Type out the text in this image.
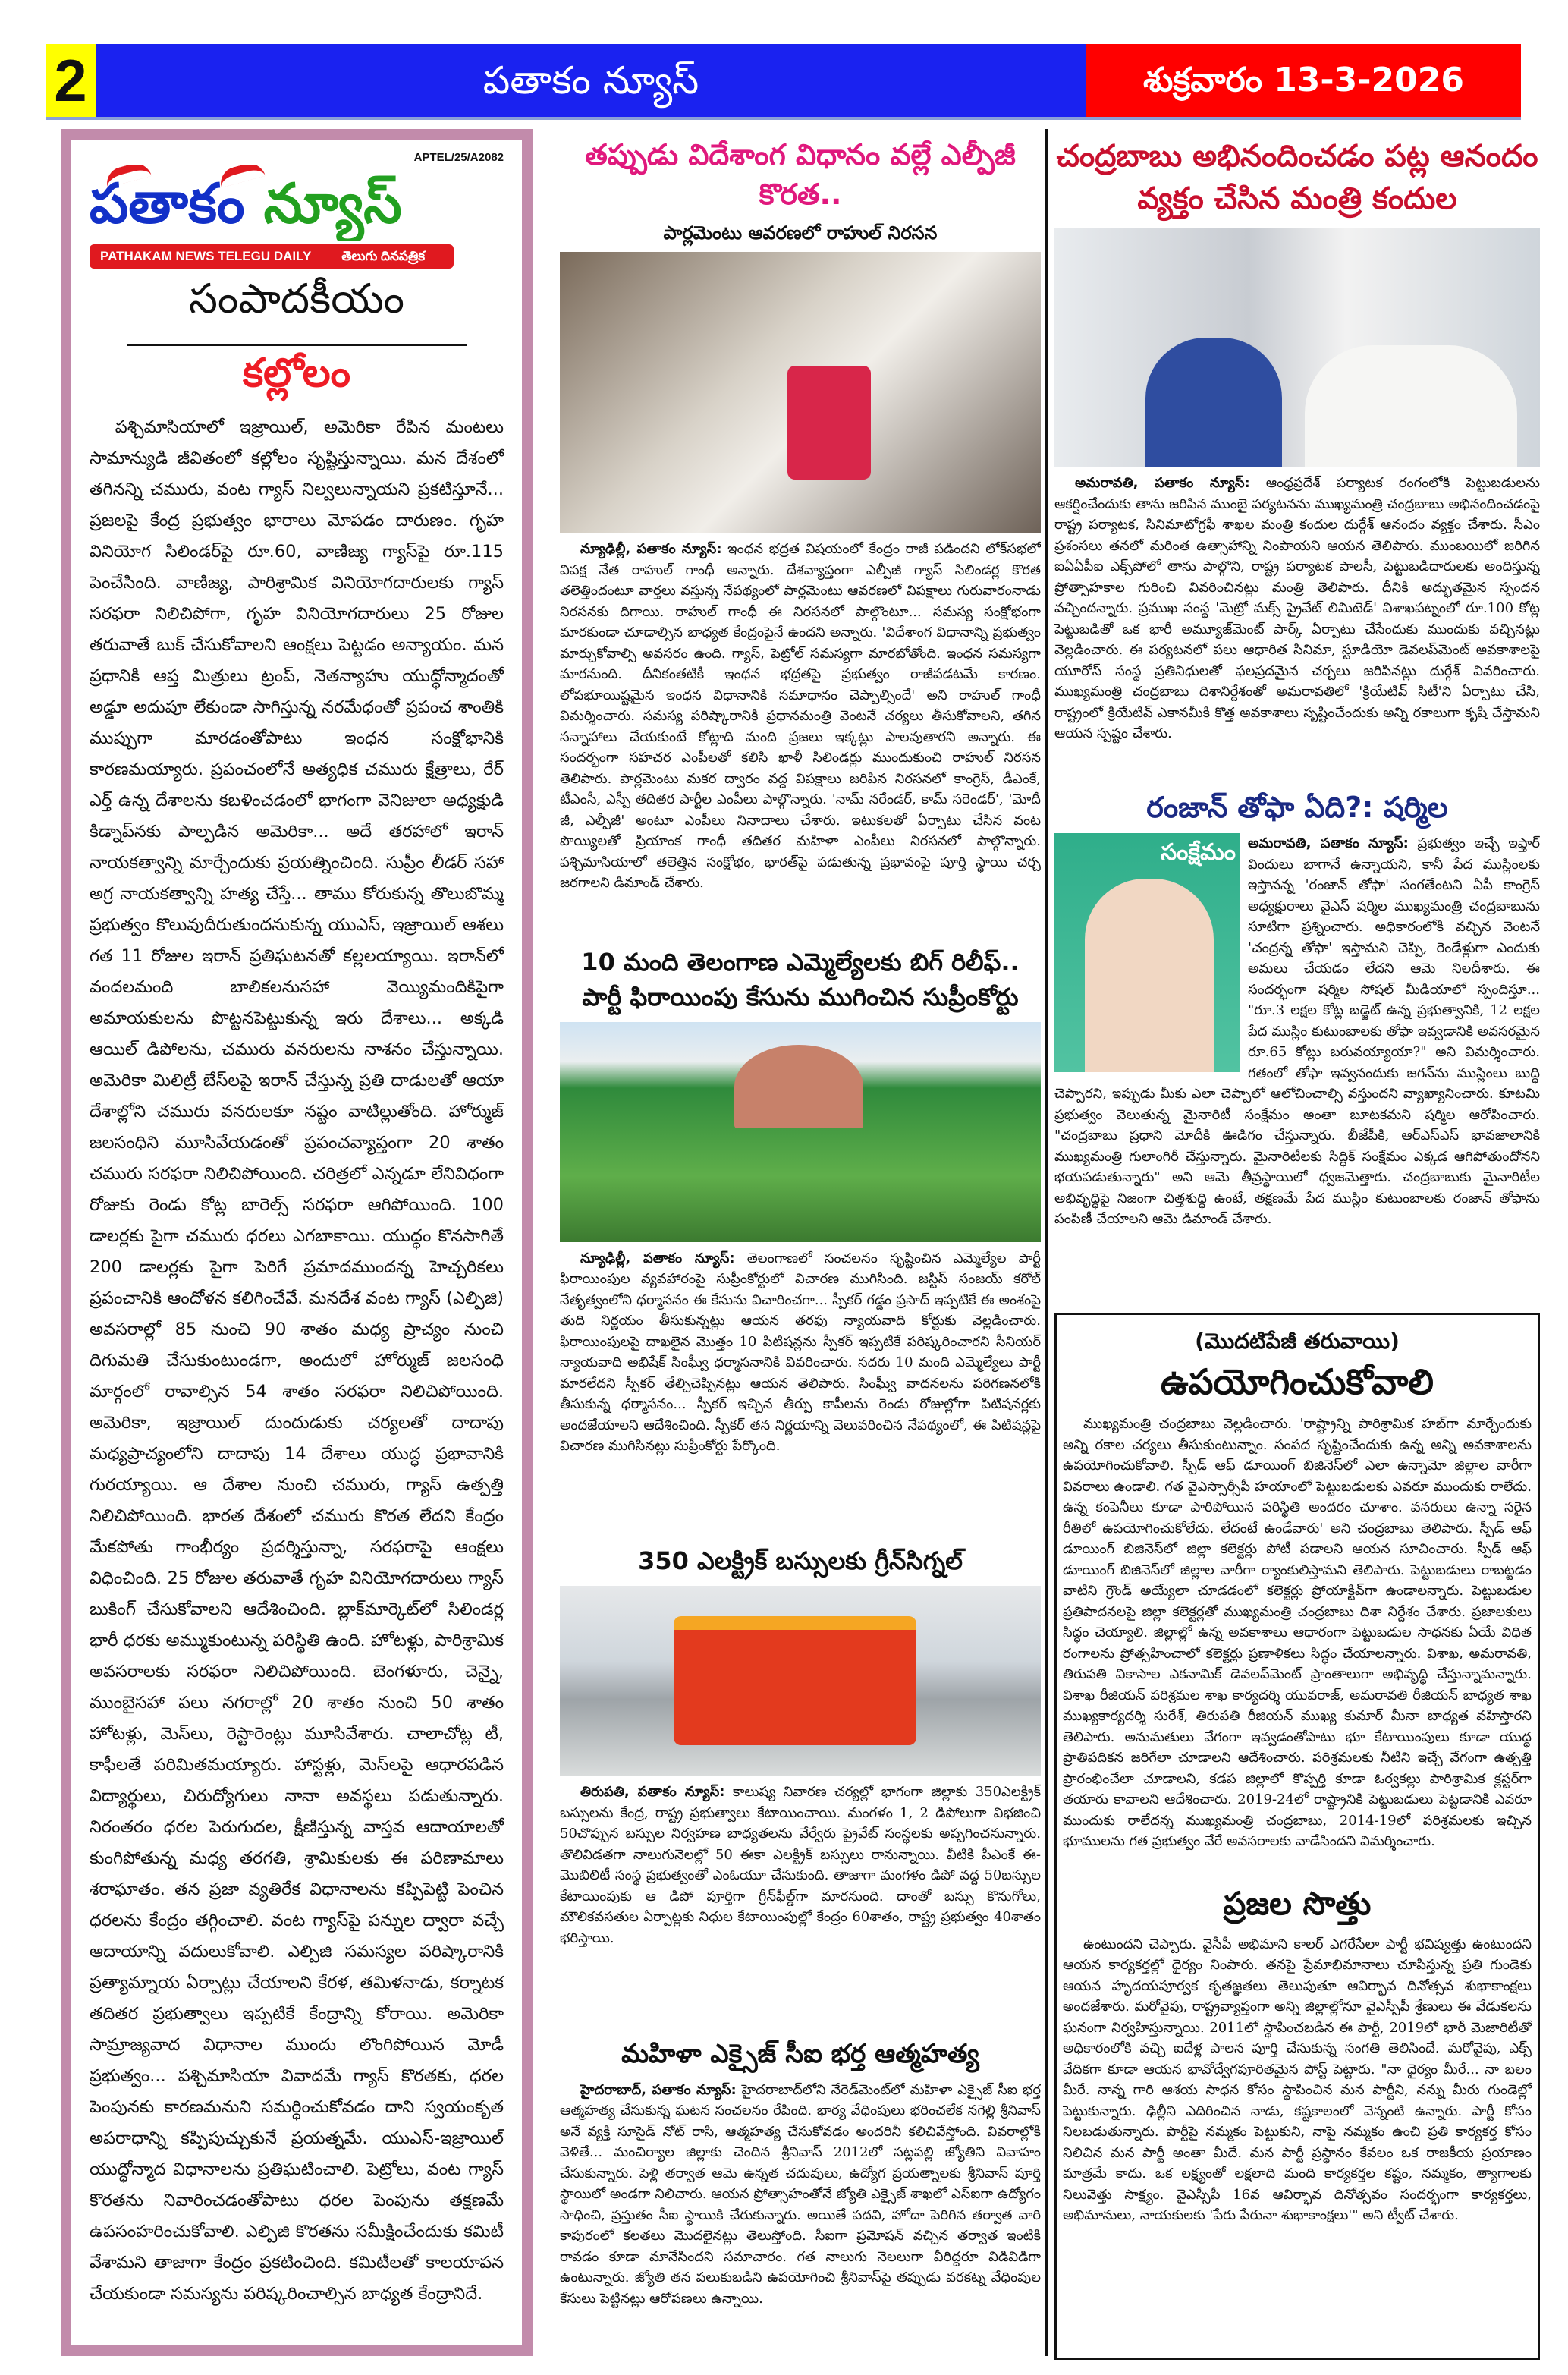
2	పతాకం న్యూస్	శుక్రవారం 13-3-2026
APTEL/25/A2082
పతాకం న్యూస్
PATHAKAM NEWS TELEGU DAILY తెలుగు దినపత్రిక
సంపాదకీయం
కల్లోలం

పశ్చిమాసియాలో ఇజ్రాయిల్, అమెరికా రేపిన మంటలు సామాన్యుడి జీవితంలో కల్లోలం సృష్టిస్తున్నాయి. మన దేశంలో తగినన్ని చమురు, వంట గ్యాస్ నిల్వలున్నాయని ప్రకటిస్తూనే... ప్రజలపై కేంద్ర ప్రభుత్వం భారాలు మోపడం దారుణం. గృహ వినియోగ సిలిండర్‌పై రూ.60, వాణిజ్య గ్యాస్‌పై రూ.115 పెంచేసింది. వాణిజ్య, పారిశ్రామిక వినియోగదారులకు గ్యాస్ సరఫరా నిలిచిపోగా, గృహ వినియోగదారులు 25 రోజుల తరువాతే బుక్ చేసుకోవాలని ఆంక్షలు పెట్టడం అన్యాయం. మన ప్రధానికి ఆప్త మిత్రులు ట్రంప్, నెతన్యాహు యుద్ధోన్మాదంతో అడ్డూ అదుపూ లేకుండా సాగిస్తున్న నరమేధంతో ప్రపంచ శాంతికి ముప్పుగా మారడంతోపాటు ఇంధన సంక్షోభానికి కారణమయ్యారు. ప్రపంచంలోనే అత్యధిక చమురు క్షేత్రాలు, రేర్ ఎర్త్ ఉన్న దేశాలను కబళించడంలో భాగంగా వెనిజులా అధ్యక్షుడి కిడ్నాప్‌నకు పాల్పడిన అమెరికా... అదే తరహాలో ఇరాన్ నాయకత్వాన్ని మార్చేందుకు ప్రయత్నించింది. సుప్రీం లీడర్ సహా అగ్ర నాయకత్వాన్ని హత్య చేస్తే... తాము కోరుకున్న తొలుబొమ్మ ప్రభుత్వం కొలువుదీరుతుందనుకున్న యుఎస్, ఇజ్రాయిల్ ఆశలు గత 11 రోజుల ఇరాన్ ప్రతిఘటనతో కల్లలయ్యాయి. ఇరాన్‌లో వందలమంది బాలికలనుసహా వెయ్యిమందికిపైగా అమాయకులను పొట్టనపెట్టుకున్న ఇరు దేశాలు... అక్కడి ఆయిల్ డిపోలను, చమురు వనరులను నాశనం చేస్తున్నాయి. అమెరికా మిలిట్రీ బేస్‌లపై ఇరాన్ చేస్తున్న ప్రతి దాడులతో ఆయా దేశాల్లోని చమురు వనరులకూ నష్టం వాటిల్లుతోంది. హోర్ముజ్ జలసంధిని మూసివేయడంతో ప్రపంచవ్యాప్తంగా 20 శాతం చమురు సరఫరా నిలిచిపోయింది. చరిత్రలో ఎన్నడూ లేనివిధంగా రోజుకు రెండు కోట్ల బారెల్స్ సరఫరా ఆగిపోయింది. 100 డాలర్లకు పైగా చమురు ధరలు ఎగబాకాయి. యుద్ధం కొనసాగితే 200 డాలర్లకు పైగా పెరిగే ప్రమాదముందన్న హెచ్చరికలు ప్రపంచానికి ఆందోళన కలిగించేవే. మనదేశ వంట గ్యాస్ (ఎల్పిజి) అవసరాల్లో 85 నుంచి 90 శాతం మధ్య ప్రాచ్యం నుంచి దిగుమతి చేసుకుంటుండగా, అందులో హోర్ముజ్ జలసంధి మార్గంలో రావాల్సిన 54 శాతం సరఫరా నిలిచిపోయింది. అమెరికా, ఇజ్రాయిల్ దుందుడుకు చర్యలతో దాదాపు మధ్యప్రాచ్యంలోని దాదాపు 14 దేశాలు యుద్ధ ప్రభావానికి గురయ్యాయి. ఆ దేశాల నుంచి చమురు, గ్యాస్ ఉత్పత్తి నిలిచిపోయింది. భారత దేశంలో చమురు కొరత లేదని కేంద్రం మేకపోతు గాంభీర్యం ప్రదర్శిస్తున్నా, సరఫరాపై ఆంక్షలు విధించింది. 25 రోజుల తరువాతే గృహ వినియోగదారులు గ్యాస్ బుకింగ్ చేసుకోవాలని ఆదేశించింది. బ్లాక్‌మార్కెట్‌లో సిలిండర్ల భారీ ధరకు అమ్ముకుంటున్న పరిస్థితి ఉంది. హోటళ్లు, పారిశ్రామిక అవసరాలకు సరఫరా నిలిచిపోయింది. బెంగళూరు, చెన్నై, ముంబైసహా పలు నగరాల్లో 20 శాతం నుంచి 50 శాతం హోటళ్లు, మెస్‌లు, రెస్టారెంట్లు మూసివేశారు. చాలాచోట్ల టీ, కాఫీలతే పరిమితమయ్యారు. హాస్టళ్లు, మెస్‌లపై ఆధారపడిన విద్యార్థులు, చిరుద్యోగులు నానా అవస్థలు పడుతున్నారు. నిరంతరం ధరల పెరుగుదల, క్షీణిస్తున్న వాస్తవ ఆదాయాలతో కుంగిపోతున్న మధ్య తరగతి, శ్రామికులకు ఈ పరిణామాలు శరాఘాతం. తన ప్రజా వ్యతిరేక విధానాలను కప్పిపెట్టి పెంచిన ధరలను కేంద్రం తగ్గించాలి. వంట గ్యాస్‌పై పన్నుల ద్వారా వచ్చే ఆదాయాన్ని వదులుకోవాలి. ఎల్పిజి సమస్యల పరిష్కారానికి ప్రత్యామ్నాయ ఏర్పాట్లు చేయాలని కేరళ, తమిళనాడు, కర్నాటక తదితర ప్రభుత్వాలు ఇప్పటికే కేంద్రాన్ని కోరాయి. అమెరికా సామ్రాజ్యవాద విధానాల ముందు లొంగిపోయిన మోడీ ప్రభుత్వం... పశ్చిమాసియా వివాదమే గ్యాస్ కొరతకు, ధరల పెంపునకు కారణమనుని సమర్ధించుకోవడం దాని స్వయంకృత అపరాధాన్ని కప్పిపుచ్చుకునే ప్రయత్నమే. యుఎస్-ఇజ్రాయిల్ యుద్ధోన్మాద విధానాలను ప్రతిఘటించాలి. పెట్రోలు, వంట గ్యాస్ కొరతను నివారించడంతోపాటు ధరల పెంపును తక్షణమే ఉపసంహరించుకోవాలి. ఎల్పిజి కొరతను సమీక్షించేందుకు కమిటీ వేశామని తాజాగా కేంద్రం ప్రకటించింది. కమిటీలతో కాలయాపన చేయకుండా సమస్యను పరిష్కరించాల్సిన బాధ్యత కేంద్రానిదే.

తప్పుడు విదేశాంగ విధానం వల్లే ఎల్పీజీ కొరత..
పార్లమెంటు ఆవరణలో రాహుల్ నిరసన
న్యూఢిల్లీ, పతాకం న్యూస్: ఇంధన భద్రత విషయంలో కేంద్రం రాజీ పడిందని లోక్‌సభలో విపక్ష నేత రాహుల్ గాంధీ అన్నారు. దేశవ్యాప్తంగా ఎల్పీజీ గ్యాస్ సిలిండర్ల కొరత తలెత్తిందంటూ వార్తలు వస్తున్న నేపథ్యంలో పార్లమెంటు ఆవరణలో విపక్షాలు గురువారంనాడు నిరసనకు దిగాయి. రాహుల్ గాంధీ ఈ నిరసనలో పాల్గొంటూ... సమస్య సంక్షోభంగా మారకుండా చూడాల్సిన బాధ్యత కేంద్రంపైనే ఉందని అన్నారు. 'విదేశాంగ విధానాన్ని ప్రభుత్వం మార్చుకోవాల్సి అవసరం ఉంది. గ్యాస్, పెట్రోల్ సమస్యగా మారబోతోంది. ఇంధన సమస్యగా మారనుంది. దీనికంతటికీ ఇంధన భద్రతపై ప్రభుత్వం రాజీపడటమే కారణం. లోపభూయిష్టమైన ఇంధన విధానానికి సమాధానం చెప్పాల్సిందే' అని రాహుల్ గాంధీ విమర్శించారు. సమస్య పరిష్కారానికి ప్రధానమంత్రి వెంటనే చర్యలు తీసుకోవాలని, తగిన సన్నాహాలు చేయకుంటే కోట్లాది మంది ప్రజలు ఇక్కట్లు పాలవుతారని అన్నారు. ఈ సందర్భంగా సహచర ఎంపీలతో కలిసి ఖాళీ సిలిండర్లు ముందుకుంచి రాహుల్ నిరసన తెలిపారు. పార్లమెంటు మకర ద్వారం వద్ద విపక్షాలు జరిపిన నిరసనలో కాంగ్రెస్, డీఎంకే, టీఎంసీ, ఎస్పీ తదితర పార్టీల ఎంపీలు పాల్గొన్నారు. 'నామ్ నరేండర్, కామ్ సరెండర్', 'మోదీ జీ, ఎల్పీజీ' అంటూ ఎంపీలు నినాదాలు చేశారు. ఇటుకలతో ఏర్పాటు చేసిన వంట పొయ్యిలతో ప్రియాంక గాంధీ తదితర మహిళా ఎంపీలు నిరసనలో పాల్గొన్నారు. పశ్చిమాసియాలో తలెత్తిన సంక్షోభం, భారత్‌పై పడుతున్న ప్రభావంపై పూర్తి స్థాయి చర్చ జరగాలని డిమాండ్ చేశారు.
10 మంది తెలంగాణ ఎమ్మెల్యేలకు బిగ్ రిలీఫ్..
పార్టీ ఫిరాయింపు కేసును ముగించిన సుప్రీంకోర్టు
న్యూఢిల్లీ, పతాకం న్యూస్: తెలంగాణలో సంచలనం సృష్టించిన ఎమ్మెల్యేల పార్టీ ఫిరాయింపుల వ్యవహారంపై సుప్రీంకోర్టులో విచారణ ముగిసింది. జస్టిస్ సంజయ్ కరోల్ నేతృత్వంలోని ధర్మాసనం ఈ కేసును విచారించగా... స్పీకర్ గడ్డం ప్రసాద్ ఇప్పటికే ఈ అంశంపై తుది నిర్ణయం తీసుకున్నట్లు ఆయన తరఫు న్యాయవాది కోర్టుకు వెల్లడించారు. ఫిరాయింపులపై దాఖలైన మొత్తం 10 పిటిషన్లను స్పీకర్ ఇప్పటికే పరిష్కరించారని సీనియర్ న్యాయవాది అభిషేక్ సింఘ్వీ ధర్మాసనానికి వివరించారు. సదరు 10 మంది ఎమ్మెల్యేలు పార్టీ మారలేదని స్పీకర్ తేల్చిచెప్పినట్లు ఆయన తెలిపారు. సింఘ్వీ వాదనలను పరిగణనలోకి తీసుకున్న ధర్మాసనం... స్పీకర్ ఇచ్చిన తీర్పు కాపీలను రెండు రోజుల్లోగా పిటిషనర్లకు అందజేయాలని ఆదేశించింది. స్పీకర్ తన నిర్ణయాన్ని వెలువరించిన నేపథ్యంలో, ఈ పిటిషన్లపై విచారణ ముగిసినట్లు సుప్రీంకోర్టు పేర్కొంది.
350 ఎలక్ట్రిక్ బస్సులకు గ్రీన్‌సిగ్నల్
తిరుపతి, పతాకం న్యూస్: కాలుష్య నివారణ చర్యల్లో భాగంగా జిల్లాకు 350ఎలక్ట్రిక్ బస్సులను కేంద్ర, రాష్ట్ర ప్రభుత్వాలు కేటాయించాయి. మంగళం 1, 2 డిపోలుగా విభజించి 50చొప్పున బస్సుల నిర్వహణ బాధ్యతలను వేర్వేరు ప్రైవేట్ సంస్థలకు అప్పగించనున్నారు. తొలివిడతగా నాలుగునెలల్లో 50 ఈకా ఎలక్ట్రిక్ బస్సులు రానున్నాయి. వీటికి పీఎంకే ఈ-మొబిలిటీ సంస్థ ప్రభుత్వంతో ఎంఓయూ చేసుకుంది. తాజాగా మంగళం డిపో వద్ద 50బస్సుల కేటాయింపుకు ఆ డిపో పూర్తిగా గ్రీన్‌ఫీల్డ్‌గా మారనుంది. దాంతో బస్సు కొనుగోలు, మౌలికవసతుల ఏర్పాట్లకు నిధుల కేటాయింపుల్లో కేంద్రం 60శాతం, రాష్ట్ర ప్రభుత్వం 40శాతం భరిస్తాయి.
మహిళా ఎక్సైజ్ సీఐ భర్త ఆత్మహత్య
హైదరాబాద్, పతాకం న్యూస్: హైదరాబాద్‌లోని నేరెడ్‌మెంట్‌లో మహిళా ఎక్సైజ్ సీఐ భర్త ఆత్మహత్య చేసుకున్న ఘటన సంచలనం రేపింది. భార్య వేధింపులు భరించలేక నగెల్లి శ్రీనివాస్ అనే వ్యక్తి సూసైడ్ నోట్ రాసి, ఆత్మహత్య చేసుకోవడం అందరినీ కలిచివేస్తోంది. వివరాల్లోకి వెళితే... మంచిర్యాల జిల్లాకు చెందిన శ్రీనివాస్ 2012లో సట్లపల్లి జ్యోతిని వివాహం చేసుకున్నారు. పెళ్లి తర్వాత ఆమె ఉన్నత చదువులు, ఉద్యోగ ప్రయత్నాలకు శ్రీనివాస్ పూర్తి స్థాయిలో అండగా నిలిచారు. ఆయన ప్రోత్సాహంతోనే జ్యోతి ఎక్సైజ్ శాఖలో ఎస్ఐగా ఉద్యోగం సాధించి, ప్రస్తుతం సీఐ స్థాయికి చేరుకున్నారు. అయితే పదవి, హోదా పెరిగిన తర్వాత వారి కాపురంలో కలతలు మొదలైనట్లు తెలుస్తోంది. సీఐగా ప్రమోషన్ వచ్చిన తర్వాత ఇంటికి రావడం కూడా మానేసిందని సమాచారం. గత నాలుగు నెలలుగా వీరిద్దరూ విడివిడిగా ఉంటున్నారు. జ్యోతి తన పలుకుబడిని ఉపయోగించి శ్రీనివాస్‌పై తప్పుడు వరకట్న వేధింపుల కేసులు పెట్టినట్లు ఆరోపణలు ఉన్నాయి.
చంద్రబాబు అభినందించడం పట్ల ఆనందం వ్యక్తం చేసిన మంత్రి కందుల
అమరావతి, పతాకం న్యూస్: ఆంధ్రప్రదేశ్ పర్యాటక రంగంలోకి పెట్టుబడులను ఆకర్షించేందుకు తాను జరిపిన ముంబై పర్యటనను ముఖ్యమంత్రి చంద్రబాబు అభినందించడంపై రాష్ట్ర పర్యాటక, సినిమాటోగ్రఫీ శాఖల మంత్రి కందుల దుర్గేశ్ ఆనందం వ్యక్తం చేశారు. సీఎం ప్రశంసలు తనలో మరింత ఉత్సాహాన్ని నింపాయని ఆయన తెలిపారు. ముంబయిలో జరిగిన ఐఏఏపీఐ ఎక్స్‌పోలో తాను పాల్గొని, రాష్ట్ర పర్యాటక పాలసీ, పెట్టుబడిదారులకు అందిస్తున్న ప్రోత్సాహకాల గురించి వివరించినట్లు మంత్రి తెలిపారు. దీనికి అద్భుతమైన స్పందన వచ్చిందన్నారు. ప్రముఖ సంస్థ 'మెట్రో మక్స్ ప్రైవేట్ లిమిటెడ్' విశాఖపట్నంలో రూ.100 కోట్ల పెట్టుబడితో ఒక భారీ అమ్యూజ్‌మెంట్ పార్క్ ఏర్పాటు చేసేందుకు ముందుకు వచ్చినట్లు వెల్లడించారు. ఈ పర్యటనలో పలు ఆధారిత సినిమా, స్టూడియో డెవలప్‌మెంట్ అవకాశాలపై యూరోస్ సంస్థ ప్రతినిధులతో ఫలప్రదమైన చర్చలు జరిపినట్లు దుర్గేశ్ వివరించారు. ముఖ్యమంత్రి చంద్రబాబు దిశానిర్దేశంతో అమరావతిలో 'క్రియేటివ్ సిటీ'ని ఏర్పాటు చేసి, రాష్ట్రంలో క్రియేటివ్ ఎకానమీకి కొత్త అవకాశాలు సృష్టించేందుకు అన్ని రకాలుగా కృషి చేస్తామని ఆయన స్పష్టం చేశారు.
రంజాన్ తోఫా ఏది?: షర్మిల
సంక్షేమం అమరావతి, పతాకం న్యూస్: ప్రభుత్వం ఇచ్చే ఇఫ్తార్ విందులు బాగానే ఉన్నాయని, కానీ పేద ముస్లింలకు ఇస్తానన్న 'రంజాన్ తోఫా' సంగతేంటని ఏపీ కాంగ్రెస్ అధ్యక్షురాలు వైఎస్ షర్మిల ముఖ్యమంత్రి చంద్రబాబును సూటిగా ప్రశ్నించారు. అధికారంలోకి వచ్చిన వెంటనే 'చంద్రన్న తోఫా' ఇస్తామని చెప్పి, రెండేళ్లుగా ఎందుకు అమలు చేయడం లేదని ఆమె నిలదీశారు. ఈ సందర్భంగా షర్మిల సోషల్ మీడియాలో స్పందిస్తూ... "రూ.3 లక్షల కోట్ల బడ్జెట్ ఉన్న ప్రభుత్వానికి, 12 లక్షల పేద ముస్లిం కుటుంబాలకు తోఫా ఇవ్వడానికి అవసరమైన రూ.65 కోట్లు బరువయ్యాయా?" అని విమర్శించారు. గతంలో తోఫా ఇవ్వనందుకు జగన్‌ను ముస్లింలు బుద్ధి చెప్పారని, ఇప్పుడు మీకు ఎలా చెప్పాలో ఆలోచించాల్సి వస్తుందని వ్యాఖ్యానించారు. కూటమి ప్రభుత్వం వెలుతున్న మైనారిటీ సంక్షేమం అంతా బూటకమని షర్మిల ఆరోపించారు. "చంద్రబాబు ప్రధాని మోదీకి ఊడిగం చేస్తున్నారు. బీజేపీకి, ఆర్ఎస్ఎస్ భావజాలానికి ముఖ్యమంత్రి గులాంగిరీ చేస్తున్నారు. మైనారిటీలకు సిద్ధిక్ సంక్షేమం ఎక్కడ ఆగిపోతుందోనని భయపడుతున్నారు" అని ఆమె తీవ్రస్థాయిలో ధ్వజమెత్తారు. చంద్రబాబుకు మైనారిటీల అభివృద్ధిపై నిజంగా చిత్తశుద్ధి ఉంటే, తక్షణమే పేద ముస్లిం కుటుంబాలకు రంజాన్ తోఫాను పంపిణీ చేయాలని ఆమె డిమాండ్ చేశారు.
(మొదటిపేజీ తరువాయి)
ఉపయోగించుకోవాలి
ముఖ్యమంత్రి చంద్రబాబు వెల్లడించారు. 'రాష్ట్రాన్ని పారిశ్రామిక హబ్‌గా మార్చేందుకు అన్ని రకాల చర్యలు తీసుకుంటున్నాం. సంపద సృష్టించేందుకు ఉన్న అన్ని అవకాశాలను ఉపయోగించుకోవాలి. స్పీడ్ ఆఫ్ డూయింగ్ బిజినెస్‌లో ఎలా ఉన్నామో జిల్లాల వారీగా వివరాలు ఉండాలి. గత వైఎస్సార్సీపీ హయాంలో పెట్టుబడులకు ఎవరూ ముందుకు రాలేదు. ఉన్న కంపెనీలు కూడా పారిపోయిన పరిస్థితి అందరం చూశాం. వనరులు ఉన్నా సరైన రీతిలో ఉపయోగించుకోలేదు. లేదంటే ఉండేవారు' అని చంద్రబాబు తెలిపారు. స్పీడ్ ఆఫ్ డూయింగ్ బిజినెస్‌లో జిల్లా కలెక్టర్లు పోటీ పడాలని ఆయన సూచించారు. స్పీడ్ ఆఫ్ డూయింగ్ బిజినెస్‌లో జిల్లాల వారీగా ర్యాంకులిస్తామని తెలిపారు. పెట్టుబడులు రాబట్టడం వాటిని గ్రౌండ్ అయ్యేలా చూడడంలో కలెక్టర్లు ప్రోయాక్టివ్‌గా ఉండాలన్నారు. పెట్టుబడుల ప్రతిపాదనలపై జిల్లా కలెక్టర్లతో ముఖ్యమంత్రి చంద్రబాబు దిశా నిర్దేశం చేశారు. ప్రజాలకులు సిద్ధం చెయ్యాలి. జిల్లాల్లో ఉన్న అవకాశాలు ఆధారంగా పెట్టుబడుల సాధనకు ఏయే విధిత రంగాలను ప్రోత్సహించాలో కలెక్టర్లు ప్రణాళికలు సిద్ధం చేయాలన్నారు. విశాఖ, అమరావతి, తిరుపతి వికాసాల ఎకనామిక్ డెవలప్‌మెంట్ ప్రాంతాలుగా అభివృద్ధి చేస్తున్నామన్నారు. విశాఖ రీజియన్ పరిశ్రమల శాఖ కార్యదర్శి యువరాజ్, అమరావతి రీజియన్ బాధ్యత శాఖ ముఖ్యకార్యదర్శి సురేశ్, తిరుపతి రీజియన్ ముఖ్య కుమార్ మీనా బాధ్యత వహిస్తారని తెలిపారు. అనుమతులు వేగంగా ఇవ్వడంతోపాటు భూ కేటాయింపులు కూడా యుద్ధ ప్రాతిపదికన జరిగేలా చూడాలని ఆదేశించారు. పరిశ్రమలకు నీటిని ఇచ్చే వేగంగా ఉత్పత్తి ప్రారంభించేలా చూడాలని, కడప జిల్లాలో కొప్పర్తి కూడా ఓర్వకల్లు పారిశ్రామిక క్లస్టర్‌గా తయారు కావాలని ఆదేశించారు. 2019-24లో రాష్ట్రానికి పెట్టుబడులు పెట్టడానికి ఎవరూ ముందుకు రాలేదన్న ముఖ్యమంత్రి చంద్రబాబు, 2014-19లో పరిశ్రమలకు ఇచ్చిన భూములను గత ప్రభుత్వం వేరే అవసరాలకు వాడేసిందని విమర్శించారు.
ప్రజల సొత్తు
ఉంటుందని చెప్పారు. వైసీపీ అభిమాని కాలర్ ఎగరేసేలా పార్టీ భవిష్యత్తు ఉంటుందని ఆయన కార్యకర్తల్లో ధైర్యం నింపారు. తనపై ప్రేమాభిమానాలు చూపిస్తున్న ప్రతి గుండెకు ఆయన హృదయపూర్వక కృతజ్ఞతలు తెలుపుతూ ఆవిర్భావ దినోత్సవ శుభాకాంక్షలు అందజేశారు. మరోవైపు, రాష్ట్రవ్యాప్తంగా అన్ని జిల్లాల్లోనూ వైఎస్సీపీ శ్రేణులు ఈ వేడుకలను ఘనంగా నిర్వహిస్తున్నాయి. 2011లో స్థాపించబడిన ఈ పార్టీ, 2019లో భారీ మెజారిటీతో అధికారంలోకి వచ్చి ఐదేళ్ల పాలన పూర్తి చేసుకున్న సంగతి తెలిసిందే. మరోవైపు, ఎక్స్ వేదికగా కూడా ఆయన భావోద్వేగపూరితమైన పోస్ట్ పెట్టారు. "నా ధైర్యం మీరే... నా బలం మీరే. నాన్న గారి ఆశయ సాధన కోసం స్థాపించిన మన పార్టీని, నన్ను మీరు గుండెల్లో పెట్టుకున్నారు. ఢిల్లీని ఎదిరించిన నాడు, కష్టకాలంలో వెన్నంటి ఉన్నారు. పార్టీ కోసం నిలబడుతున్నారు. పార్టీపై నమ్మకం పెట్టుకుని, నాపై నమ్మకం ఉంచి ప్రతి కార్యకర్త కోసం నిలిచిన మన పార్టీ అంతా మీదే. మన పార్టీ ప్రస్థానం కేవలం ఒక రాజకీయ ప్రయాణం మాత్రమే కాదు. ఒక లక్ష్యంతో లక్షలాది మంది కార్యకర్తల కష్టం, నమ్మకం, త్యాగాలకు నిలువెత్తు సాక్ష్యం. వైఎస్సీపీ 16వ ఆవిర్భావ దినోత్సవం సందర్భంగా కార్యకర్తలు, అభిమానులు, నాయకులకు 'పేరు పేరునా శుభాకాంక్షలు'" అని ట్వీట్ చేశారు.
